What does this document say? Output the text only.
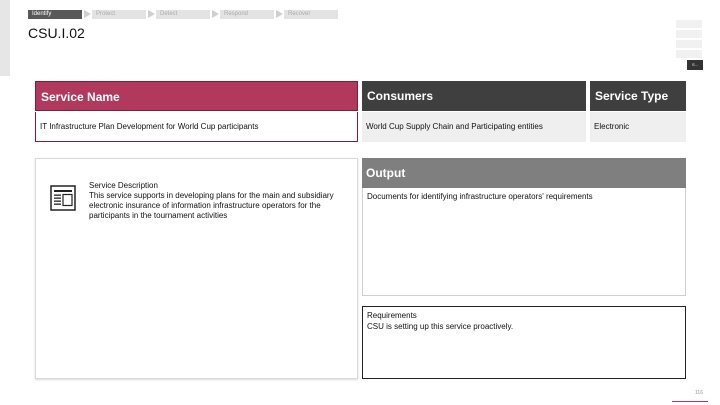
Identify	Protect	Detect	Respond	Recover
CSU.I.02
S...
Service Name	Consumers	Service Type
IT Infrastructure Plan Development for World Cup participants	World Cup Supply Chain and Participating entities	Electronic
Service Description
This service supports in developing plans for the main and subsidiary electronic insurance of information infrastructure operators for the participants in the tournament activities
Output
Documents for identifying infrastructure operators' requirements
Requirements
CSU is setting up this service proactively.
116
